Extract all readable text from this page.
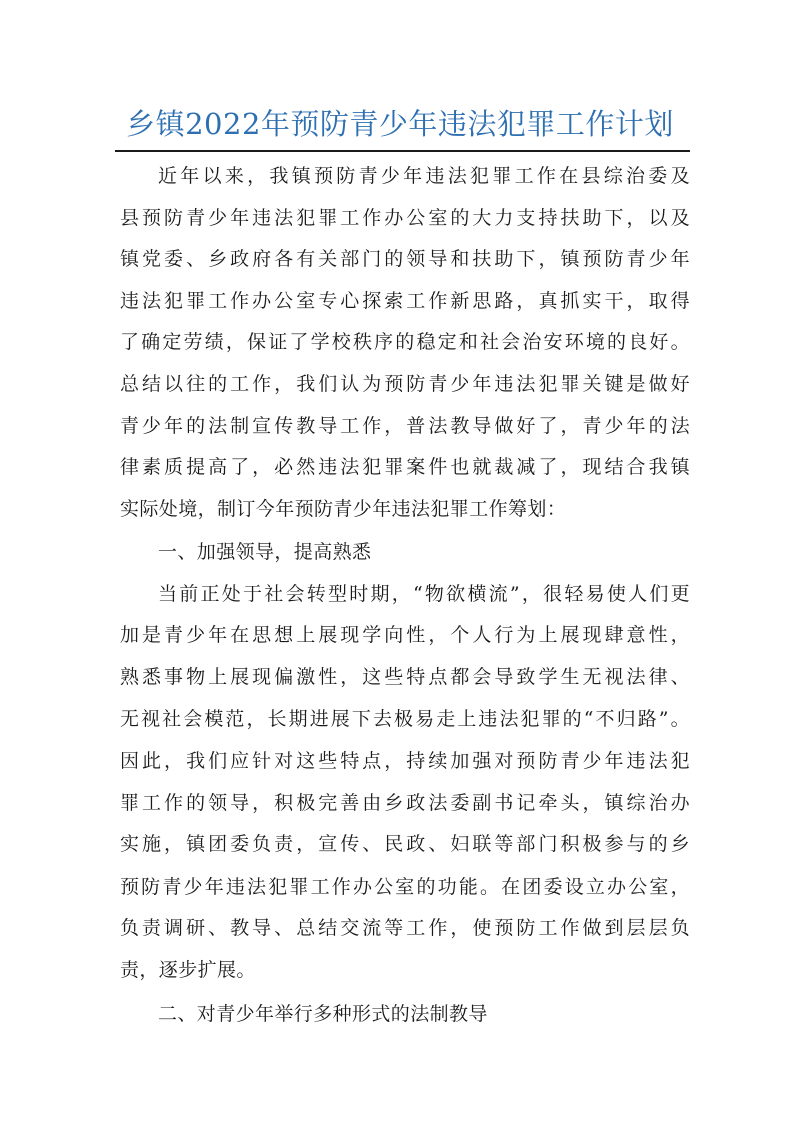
乡镇2022年预防青少年违法犯罪工作计划
近年以来，我镇预防青少年违法犯罪工作在县综治委及
县预防青少年违法犯罪工作办公室的大力支持扶助下，以及
镇党委、乡政府各有关部门的领导和扶助下，镇预防青少年
违法犯罪工作办公室专心探索工作新思路，真抓实干，取得
了确定劳绩，保证了学校秩序的稳定和社会治安环境的良好。
总结以往的工作，我们认为预防青少年违法犯罪关键是做好
青少年的法制宣传教导工作，普法教导做好了，青少年的法
律素质提高了，必然违法犯罪案件也就裁减了，现结合我镇
实际处境，制订今年预防青少年违法犯罪工作筹划：
一、加强领导，提高熟悉
当前正处于社会转型时期，“物欲横流”，很轻易使人们更
加是青少年在思想上展现学向性，个人行为上展现肆意性，
熟悉事物上展现偏激性，这些特点都会导致学生无视法律、
无视社会模范，长期进展下去极易走上违法犯罪的“不归路”。
因此，我们应针对这些特点，持续加强对预防青少年违法犯
罪工作的领导，积极完善由乡政法委副书记牵头，镇综治办
实施，镇团委负责，宣传、民政、妇联等部门积极参与的乡
预防青少年违法犯罪工作办公室的功能。在团委设立办公室，
负责调研、教导、总结交流等工作，使预防工作做到层层负
责，逐步扩展。
二、对青少年举行多种形式的法制教导
